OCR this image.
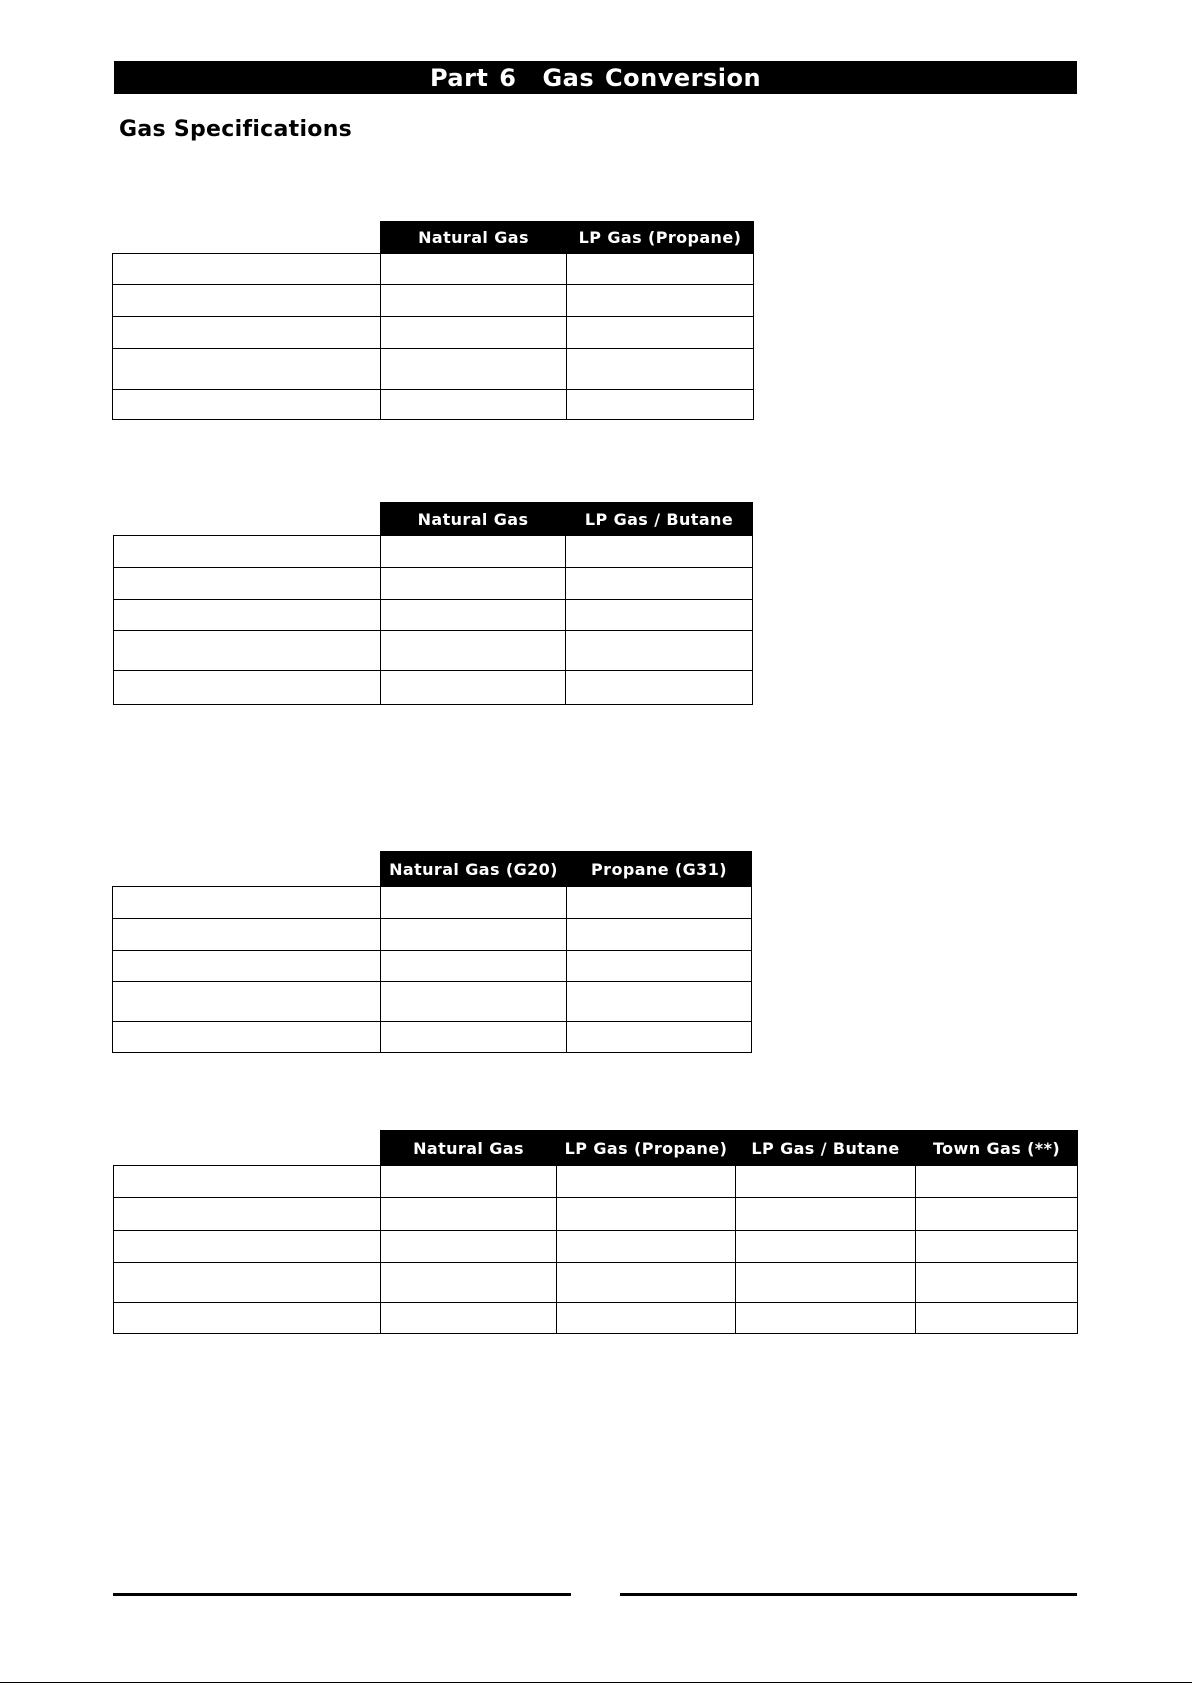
Part 6 Gas Conversion
Gas Specifications
	Natural Gas	LP Gas (Propane)

	Natural Gas	LP Gas / Butane

	Natural Gas (G20)	Propane (G31)

	Natural Gas	LP Gas (Propane)	LP Gas / Butane	Town Gas (**)
